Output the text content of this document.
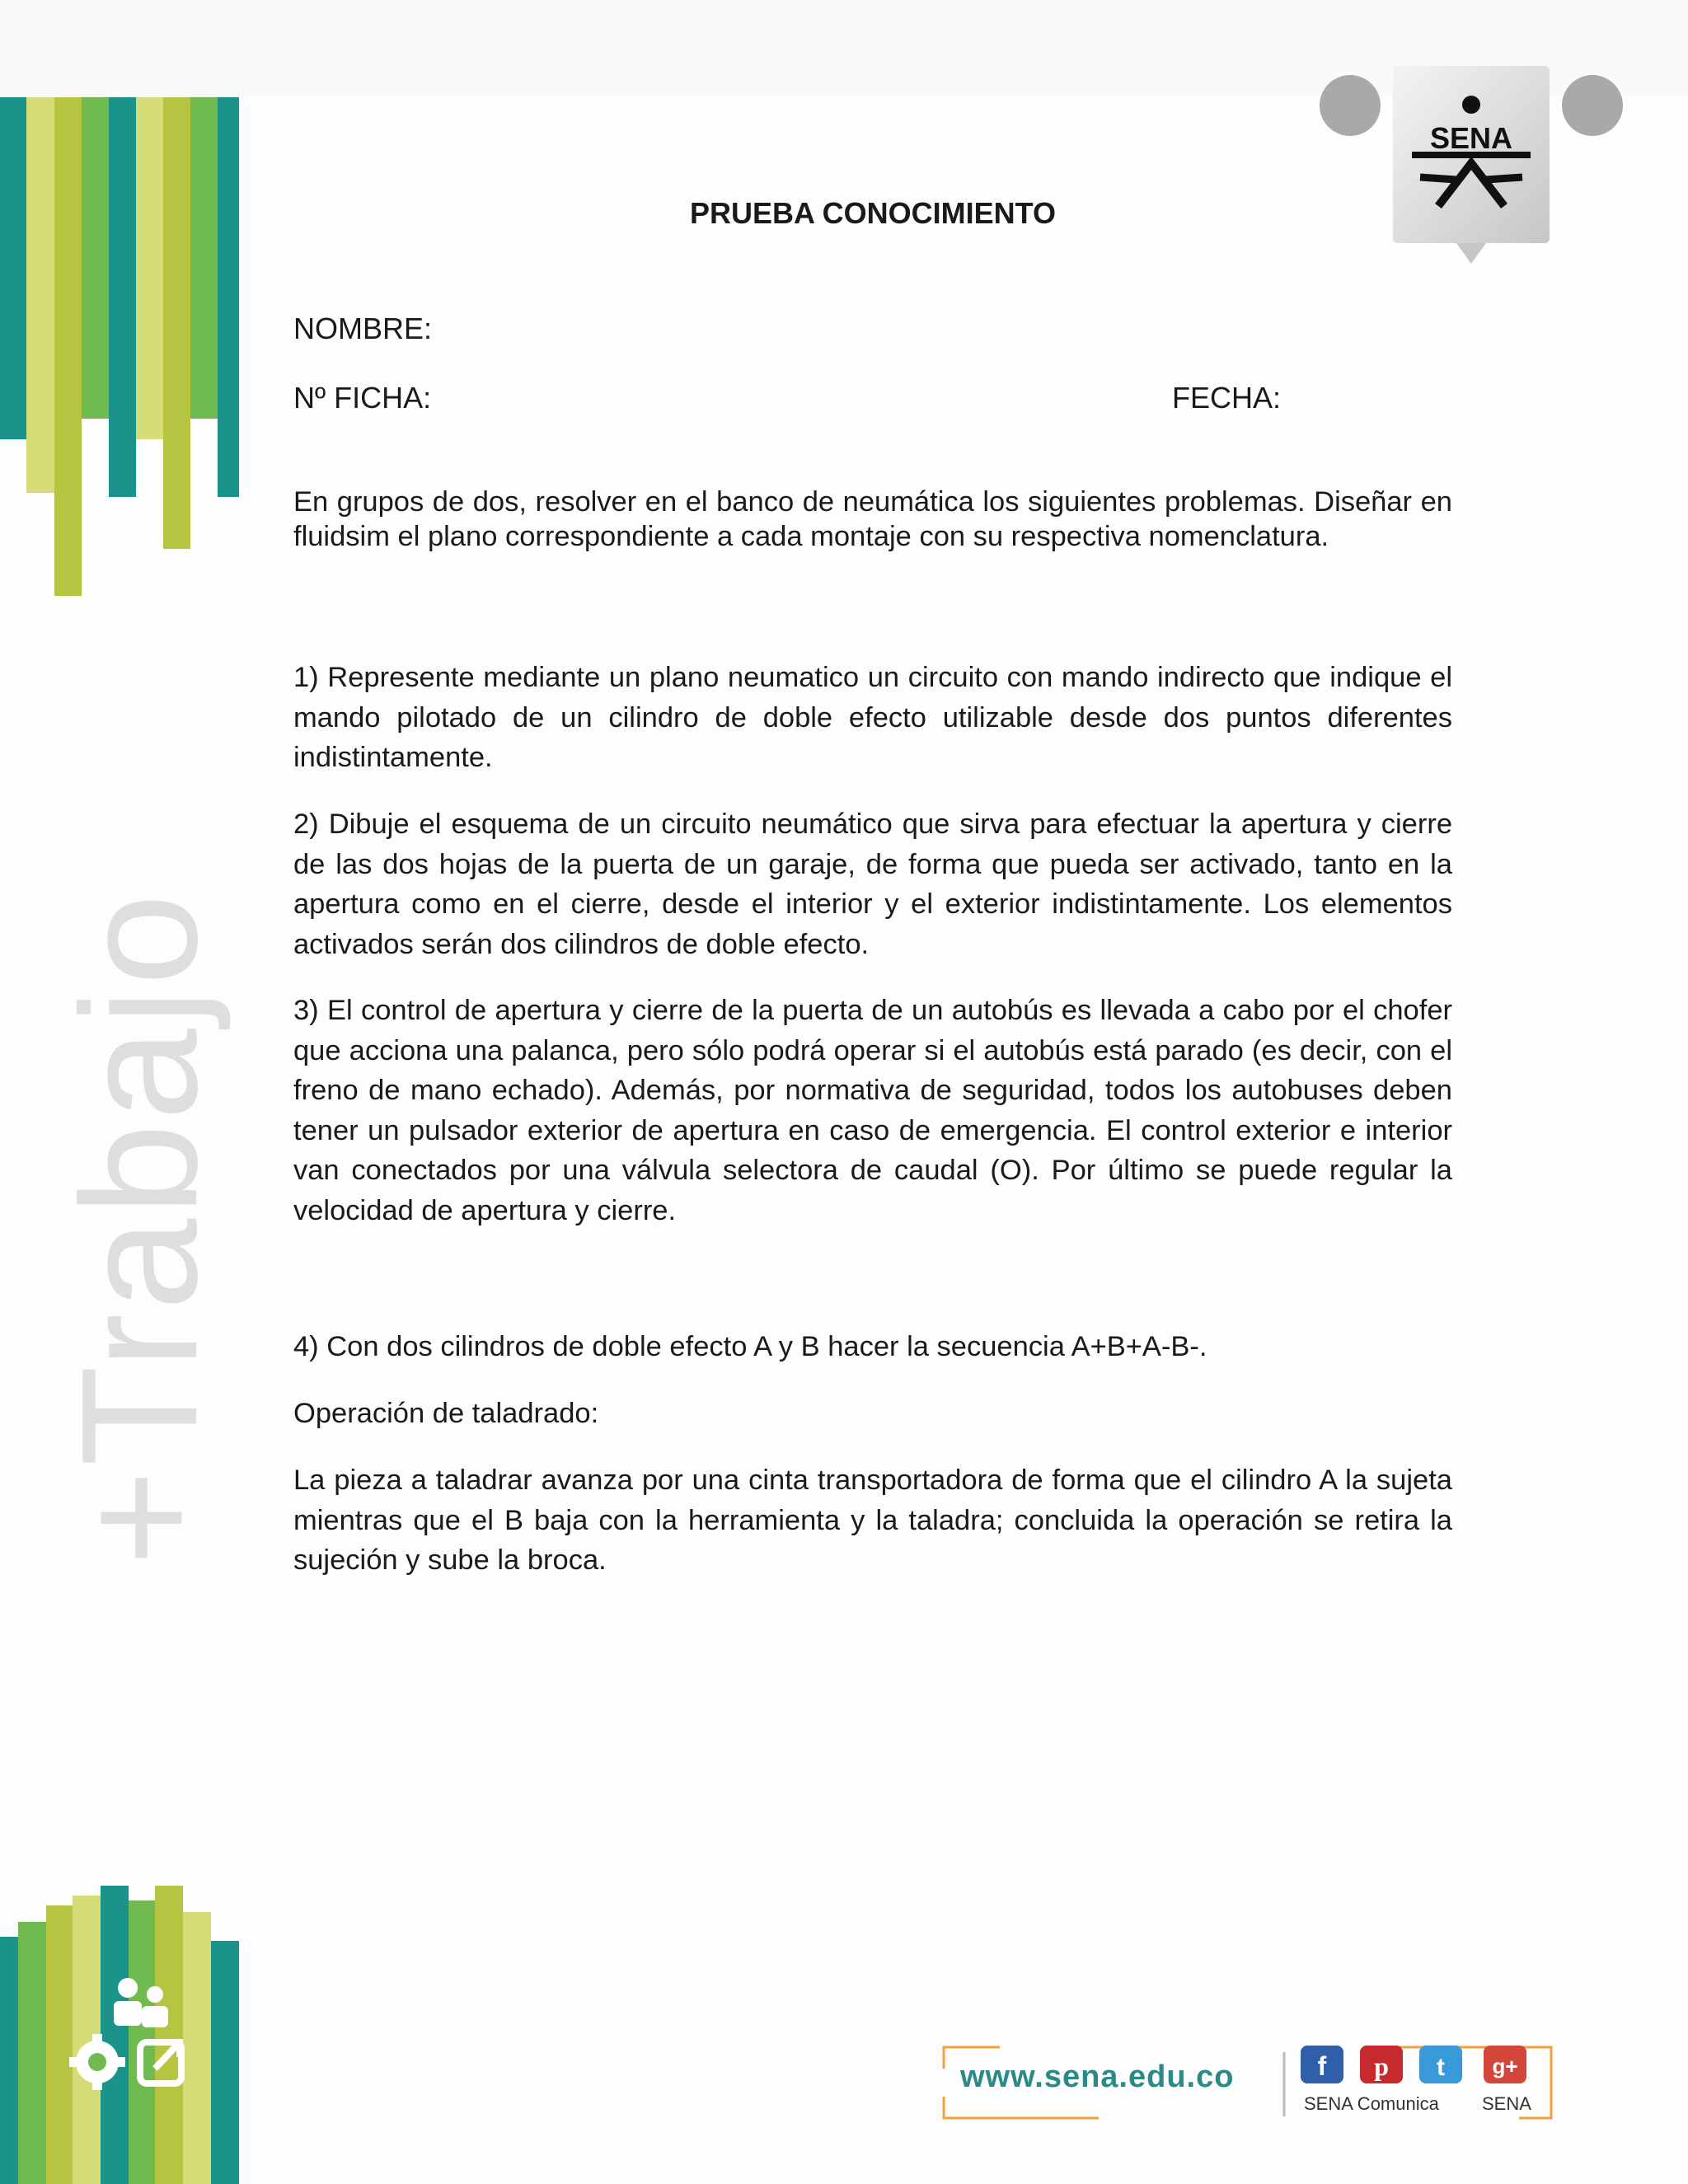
+Trabajo
SENA
PRUEBA CONOCIMIENTO
NOMBRE:
Nº FICHA:	FECHA:
En grupos de dos, resolver en el banco de neumática los siguientes problemas. Diseñar en fluidsim el plano correspondiente a cada montaje con su respectiva nomenclatura.
1) Represente mediante un plano neumatico un circuito con mando indirecto que indique el mando pilotado de un cilindro de doble efecto utilizable desde dos puntos diferentes indistintamente.
2) Dibuje el esquema de un circuito neumático que sirva para efectuar la apertura y cierre de las dos hojas de la puerta de un garaje, de forma que pueda ser activado, tanto en la apertura como en el cierre, desde el interior y el exterior indistintamente. Los elementos activados serán dos cilindros de doble efecto.
3) El control de apertura y cierre de la puerta de un autobús es llevada a cabo por el chofer que acciona una palanca, pero sólo podrá operar si el autobús está parado (es decir, con el freno de mano echado). Además, por normativa de seguridad, todos los autobuses deben tener un pulsador exterior de apertura en caso de emergencia. El control exterior e interior van conectados por una válvula selectora de caudal (O). Por último se puede regular la velocidad de apertura y cierre.
4) Con dos cilindros de doble efecto A y B hacer la secuencia A+B+A-B-.
Operación de taladrado:
La pieza a taladrar avanza por una cinta transportadora de forma que el cilindro A la sujeta mientras que el B baja con la herramienta y la taladra; concluida la operación se retira la sujeción y sube la broca.
www.sena.edu.co	f p t g+
SENA Comunica SENA
